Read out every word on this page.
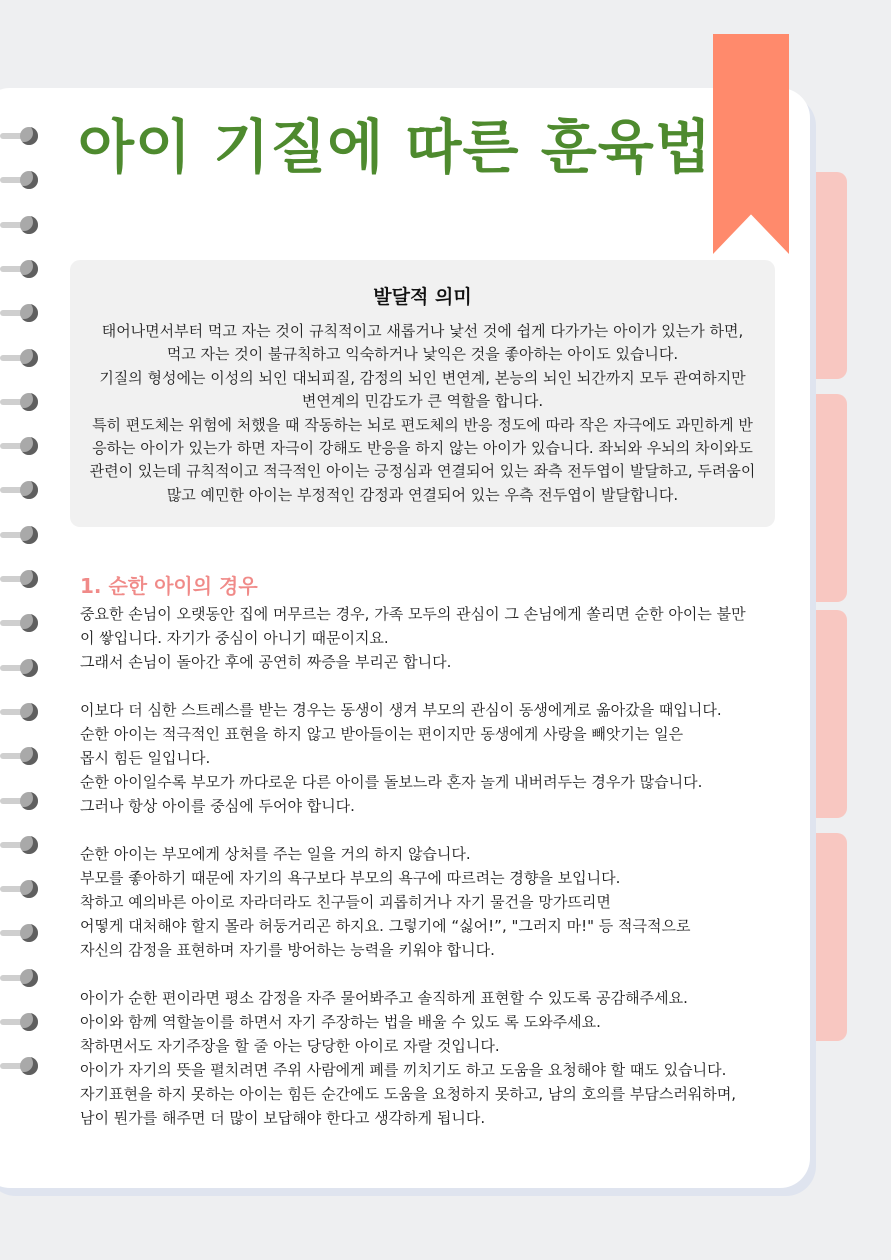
아이 기질에 따른 훈육법
발달적 의미
태어나면서부터 먹고 자는 것이 규칙적이고 새롭거나 낯선 것에 쉽게 다가가는 아이가 있는가 하면,
먹고 자는 것이 불규칙하고 익숙하거나 낯익은 것을 좋아하는 아이도 있습니다.
기질의 형성에는 이성의 뇌인 대뇌피질, 감정의 뇌인 변연계, 본능의 뇌인 뇌간까지 모두 관여하지만
변연계의 민감도가 큰 역할을 합니다.
특히 편도체는 위험에 처했을 때 작동하는 뇌로 편도체의 반응 정도에 따라 작은 자극에도 과민하게 반
응하는 아이가 있는가 하면 자극이 강해도 반응을 하지 않는 아이가 있습니다. 좌뇌와 우뇌의 차이와도
관련이 있는데 규칙적이고 적극적인 아이는 긍정심과 연결되어 있는 좌측 전두엽이 발달하고, 두려움이
많고 예민한 아이는 부정적인 감정과 연결되어 있는 우측 전두엽이 발달합니다.
1. 순한 아이의 경우
중요한 손님이 오랫동안 집에 머무르는 경우, 가족 모두의 관심이 그 손님에게 쏠리면 순한 아이는 불만
이 쌓입니다. 자기가 중심이 아니기 때문이지요.
그래서 손님이 돌아간 후에 공연히 짜증을 부리곤 합니다.
이보다 더 심한 스트레스를 받는 경우는 동생이 생겨 부모의 관심이 동생에게로 옮아갔을 때입니다.
순한 아이는 적극적인 표현을 하지 않고 받아들이는 편이지만 동생에게 사랑을 빼앗기는 일은
몹시 힘든 일입니다.
순한 아이일수록 부모가 까다로운 다른 아이를 돌보느라 혼자 놀게 내버려두는 경우가 많습니다.
그러나 항상 아이를 중심에 두어야 합니다.
순한 아이는 부모에게 상처를 주는 일을 거의 하지 않습니다.
부모를 좋아하기 때문에 자기의 욕구보다 부모의 욕구에 따르려는 경향을 보입니다.
착하고 예의바른 아이로 자라더라도 친구들이 괴롭히거나 자기 물건을 망가뜨리면
어떻게 대처해야 할지 몰라 허둥거리곤 하지요. 그렇기에 “싫어!”, "그러지 마!" 등 적극적으로
자신의 감정을 표현하며 자기를 방어하는 능력을 키워야 합니다.
아이가 순한 편이라면 평소 감정을 자주 물어봐주고 솔직하게 표현할 수 있도록 공감해주세요.
아이와 함께 역할놀이를 하면서 자기 주장하는 법을 배울 수 있도 록 도와주세요.
착하면서도 자기주장을 할 줄 아는 당당한 아이로 자랄 것입니다.
아이가 자기의 뜻을 펼치려면 주위 사람에게 폐를 끼치기도 하고 도움을 요청해야 할 때도 있습니다.
자기표현을 하지 못하는 아이는 힘든 순간에도 도움을 요청하지 못하고, 남의 호의를 부담스러워하며,
남이 뭔가를 해주면 더 많이 보답해야 한다고 생각하게 됩니다.
